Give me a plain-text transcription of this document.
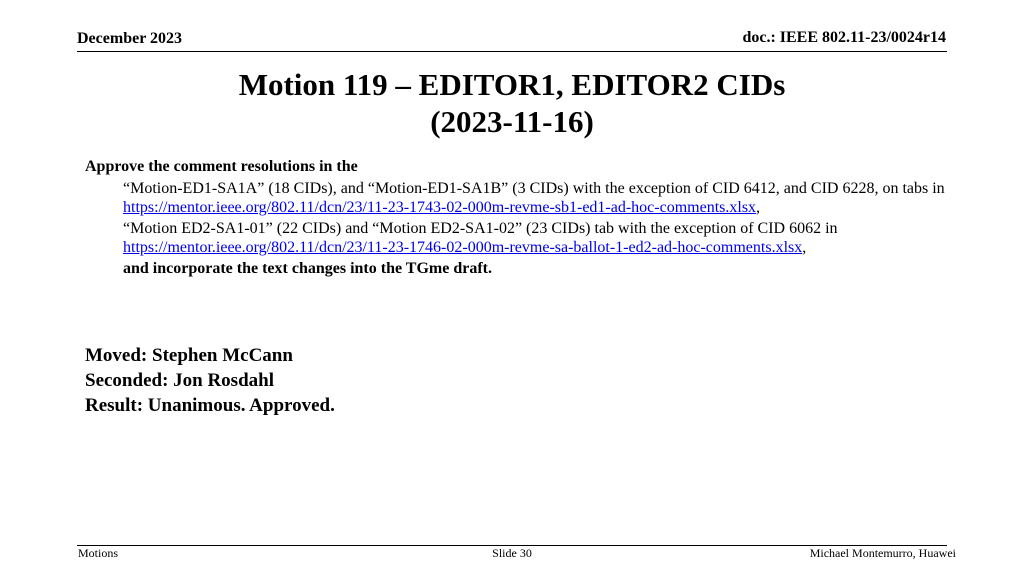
December 2023	doc.: IEEE 802.11-23/0024r14
Motion 119 – EDITOR1, EDITOR2 CIDs
(2023-11-16)
Approve the comment resolutions in the
“Motion-ED1-SA1A” (18 CIDs), and “Motion-ED1-SA1B” (3 CIDs) with the exception of CID 6412, and CID 6228, on tabs in https://mentor.ieee.org/802.11/dcn/23/11-23-1743-02-000m-revme-sb1-ed1-ad-hoc-comments.xlsx,
“Motion ED2-SA1-01” (22 CIDs) and “Motion ED2-SA1-02” (23 CIDs) tab with the exception of CID 6062 in https://mentor.ieee.org/802.11/dcn/23/11-23-1746-02-000m-revme-sa-ballot-1-ed2-ad-hoc-comments.xlsx,
and incorporate the text changes into the TGme draft.
Moved: Stephen McCann
Seconded: Jon Rosdahl
Result: Unanimous. Approved.
Motions	Slide 30	Michael Montemurro, Huawei
